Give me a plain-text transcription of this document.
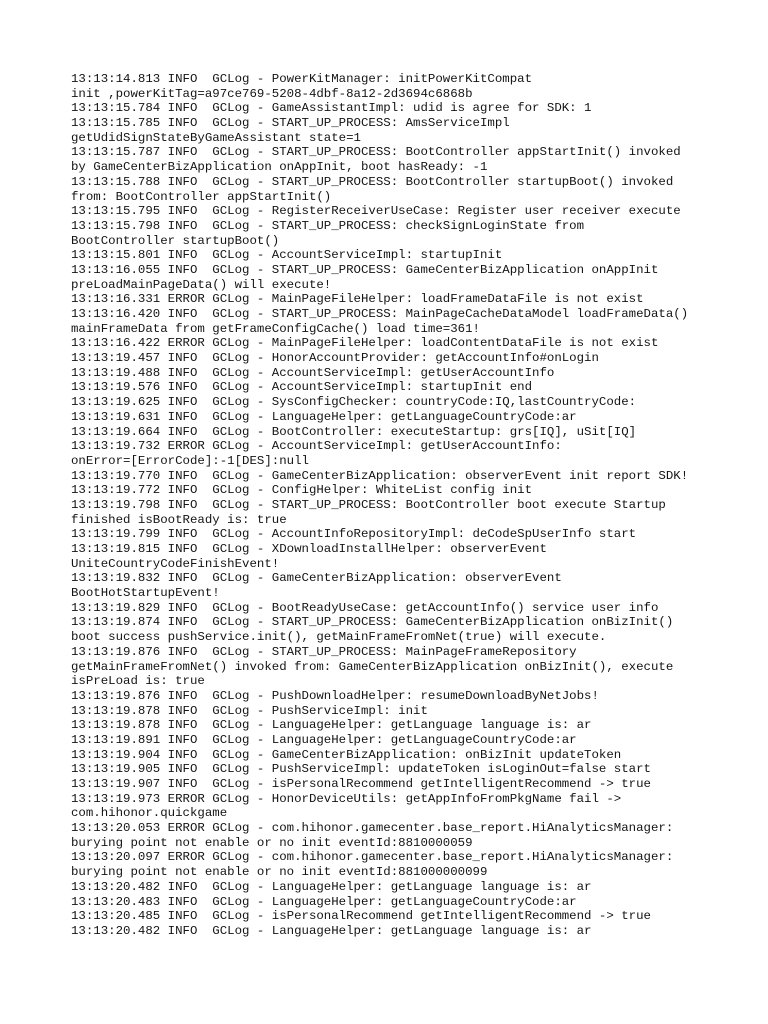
13:13:14.813 INFO  GCLog - PowerKitManager: initPowerKitCompat
init ,powerKitTag=a97ce769-5208-4dbf-8a12-2d3694c6868b
13:13:15.784 INFO  GCLog - GameAssistantImpl: udid is agree for SDK: 1
13:13:15.785 INFO  GCLog - START_UP_PROCESS: AmsServiceImpl
getUdidSignStateByGameAssistant state=1
13:13:15.787 INFO  GCLog - START_UP_PROCESS: BootController appStartInit() invoked
by GameCenterBizApplication onAppInit, boot hasReady: -1
13:13:15.788 INFO  GCLog - START_UP_PROCESS: BootController startupBoot() invoked
from: BootController appStartInit()
13:13:15.795 INFO  GCLog - RegisterReceiverUseCase: Register user receiver execute
13:13:15.798 INFO  GCLog - START_UP_PROCESS: checkSignLoginState from
BootController startupBoot()
13:13:15.801 INFO  GCLog - AccountServiceImpl: startupInit
13:13:16.055 INFO  GCLog - START_UP_PROCESS: GameCenterBizApplication onAppInit
preLoadMainPageData() will execute!
13:13:16.331 ERROR GCLog - MainPageFileHelper: loadFrameDataFile is not exist
13:13:16.420 INFO  GCLog - START_UP_PROCESS: MainPageCacheDataModel loadFrameData()
mainFrameData from getFrameConfigCache() load time=361!
13:13:16.422 ERROR GCLog - MainPageFileHelper: loadContentDataFile is not exist
13:13:19.457 INFO  GCLog - HonorAccountProvider: getAccountInfo#onLogin
13:13:19.488 INFO  GCLog - AccountServiceImpl: getUserAccountInfo
13:13:19.576 INFO  GCLog - AccountServiceImpl: startupInit end
13:13:19.625 INFO  GCLog - SysConfigChecker: countryCode:IQ,lastCountryCode:
13:13:19.631 INFO  GCLog - LanguageHelper: getLanguageCountryCode:ar
13:13:19.664 INFO  GCLog - BootController: executeStartup: grs[IQ], uSit[IQ]
13:13:19.732 ERROR GCLog - AccountServiceImpl: getUserAccountInfo:
onError=[ErrorCode]:-1[DES]:null
13:13:19.770 INFO  GCLog - GameCenterBizApplication: observerEvent init report SDK!
13:13:19.772 INFO  GCLog - ConfigHelper: WhiteList config init
13:13:19.798 INFO  GCLog - START_UP_PROCESS: BootController boot execute Startup
finished isBootReady is: true
13:13:19.799 INFO  GCLog - AccountInfoRepositoryImpl: deCodeSpUserInfo start
13:13:19.815 INFO  GCLog - XDownloadInstallHelper: observerEvent
UniteCountryCodeFinishEvent!
13:13:19.832 INFO  GCLog - GameCenterBizApplication: observerEvent
BootHotStartupEvent!
13:13:19.829 INFO  GCLog - BootReadyUseCase: getAccountInfo() service user info
13:13:19.874 INFO  GCLog - START_UP_PROCESS: GameCenterBizApplication onBizInit()
boot success pushService.init(), getMainFrameFromNet(true) will execute.
13:13:19.876 INFO  GCLog - START_UP_PROCESS: MainPageFrameRepository
getMainFrameFromNet() invoked from: GameCenterBizApplication onBizInit(), execute
isPreLoad is: true
13:13:19.876 INFO  GCLog - PushDownloadHelper: resumeDownloadByNetJobs!
13:13:19.878 INFO  GCLog - PushServiceImpl: init
13:13:19.878 INFO  GCLog - LanguageHelper: getLanguage language is: ar
13:13:19.891 INFO  GCLog - LanguageHelper: getLanguageCountryCode:ar
13:13:19.904 INFO  GCLog - GameCenterBizApplication: onBizInit updateToken
13:13:19.905 INFO  GCLog - PushServiceImpl: updateToken isLoginOut=false start
13:13:19.907 INFO  GCLog - isPersonalRecommend getIntelligentRecommend -> true
13:13:19.973 ERROR GCLog - HonorDeviceUtils: getAppInfoFromPkgName fail ->
com.hihonor.quickgame
13:13:20.053 ERROR GCLog - com.hihonor.gamecenter.base_report.HiAnalyticsManager:
burying point not enable or no init eventId:8810000059
13:13:20.097 ERROR GCLog - com.hihonor.gamecenter.base_report.HiAnalyticsManager:
burying point not enable or no init eventId:881000000099
13:13:20.482 INFO  GCLog - LanguageHelper: getLanguage language is: ar
13:13:20.483 INFO  GCLog - LanguageHelper: getLanguageCountryCode:ar
13:13:20.485 INFO  GCLog - isPersonalRecommend getIntelligentRecommend -> true
13:13:20.482 INFO  GCLog - LanguageHelper: getLanguage language is: ar
